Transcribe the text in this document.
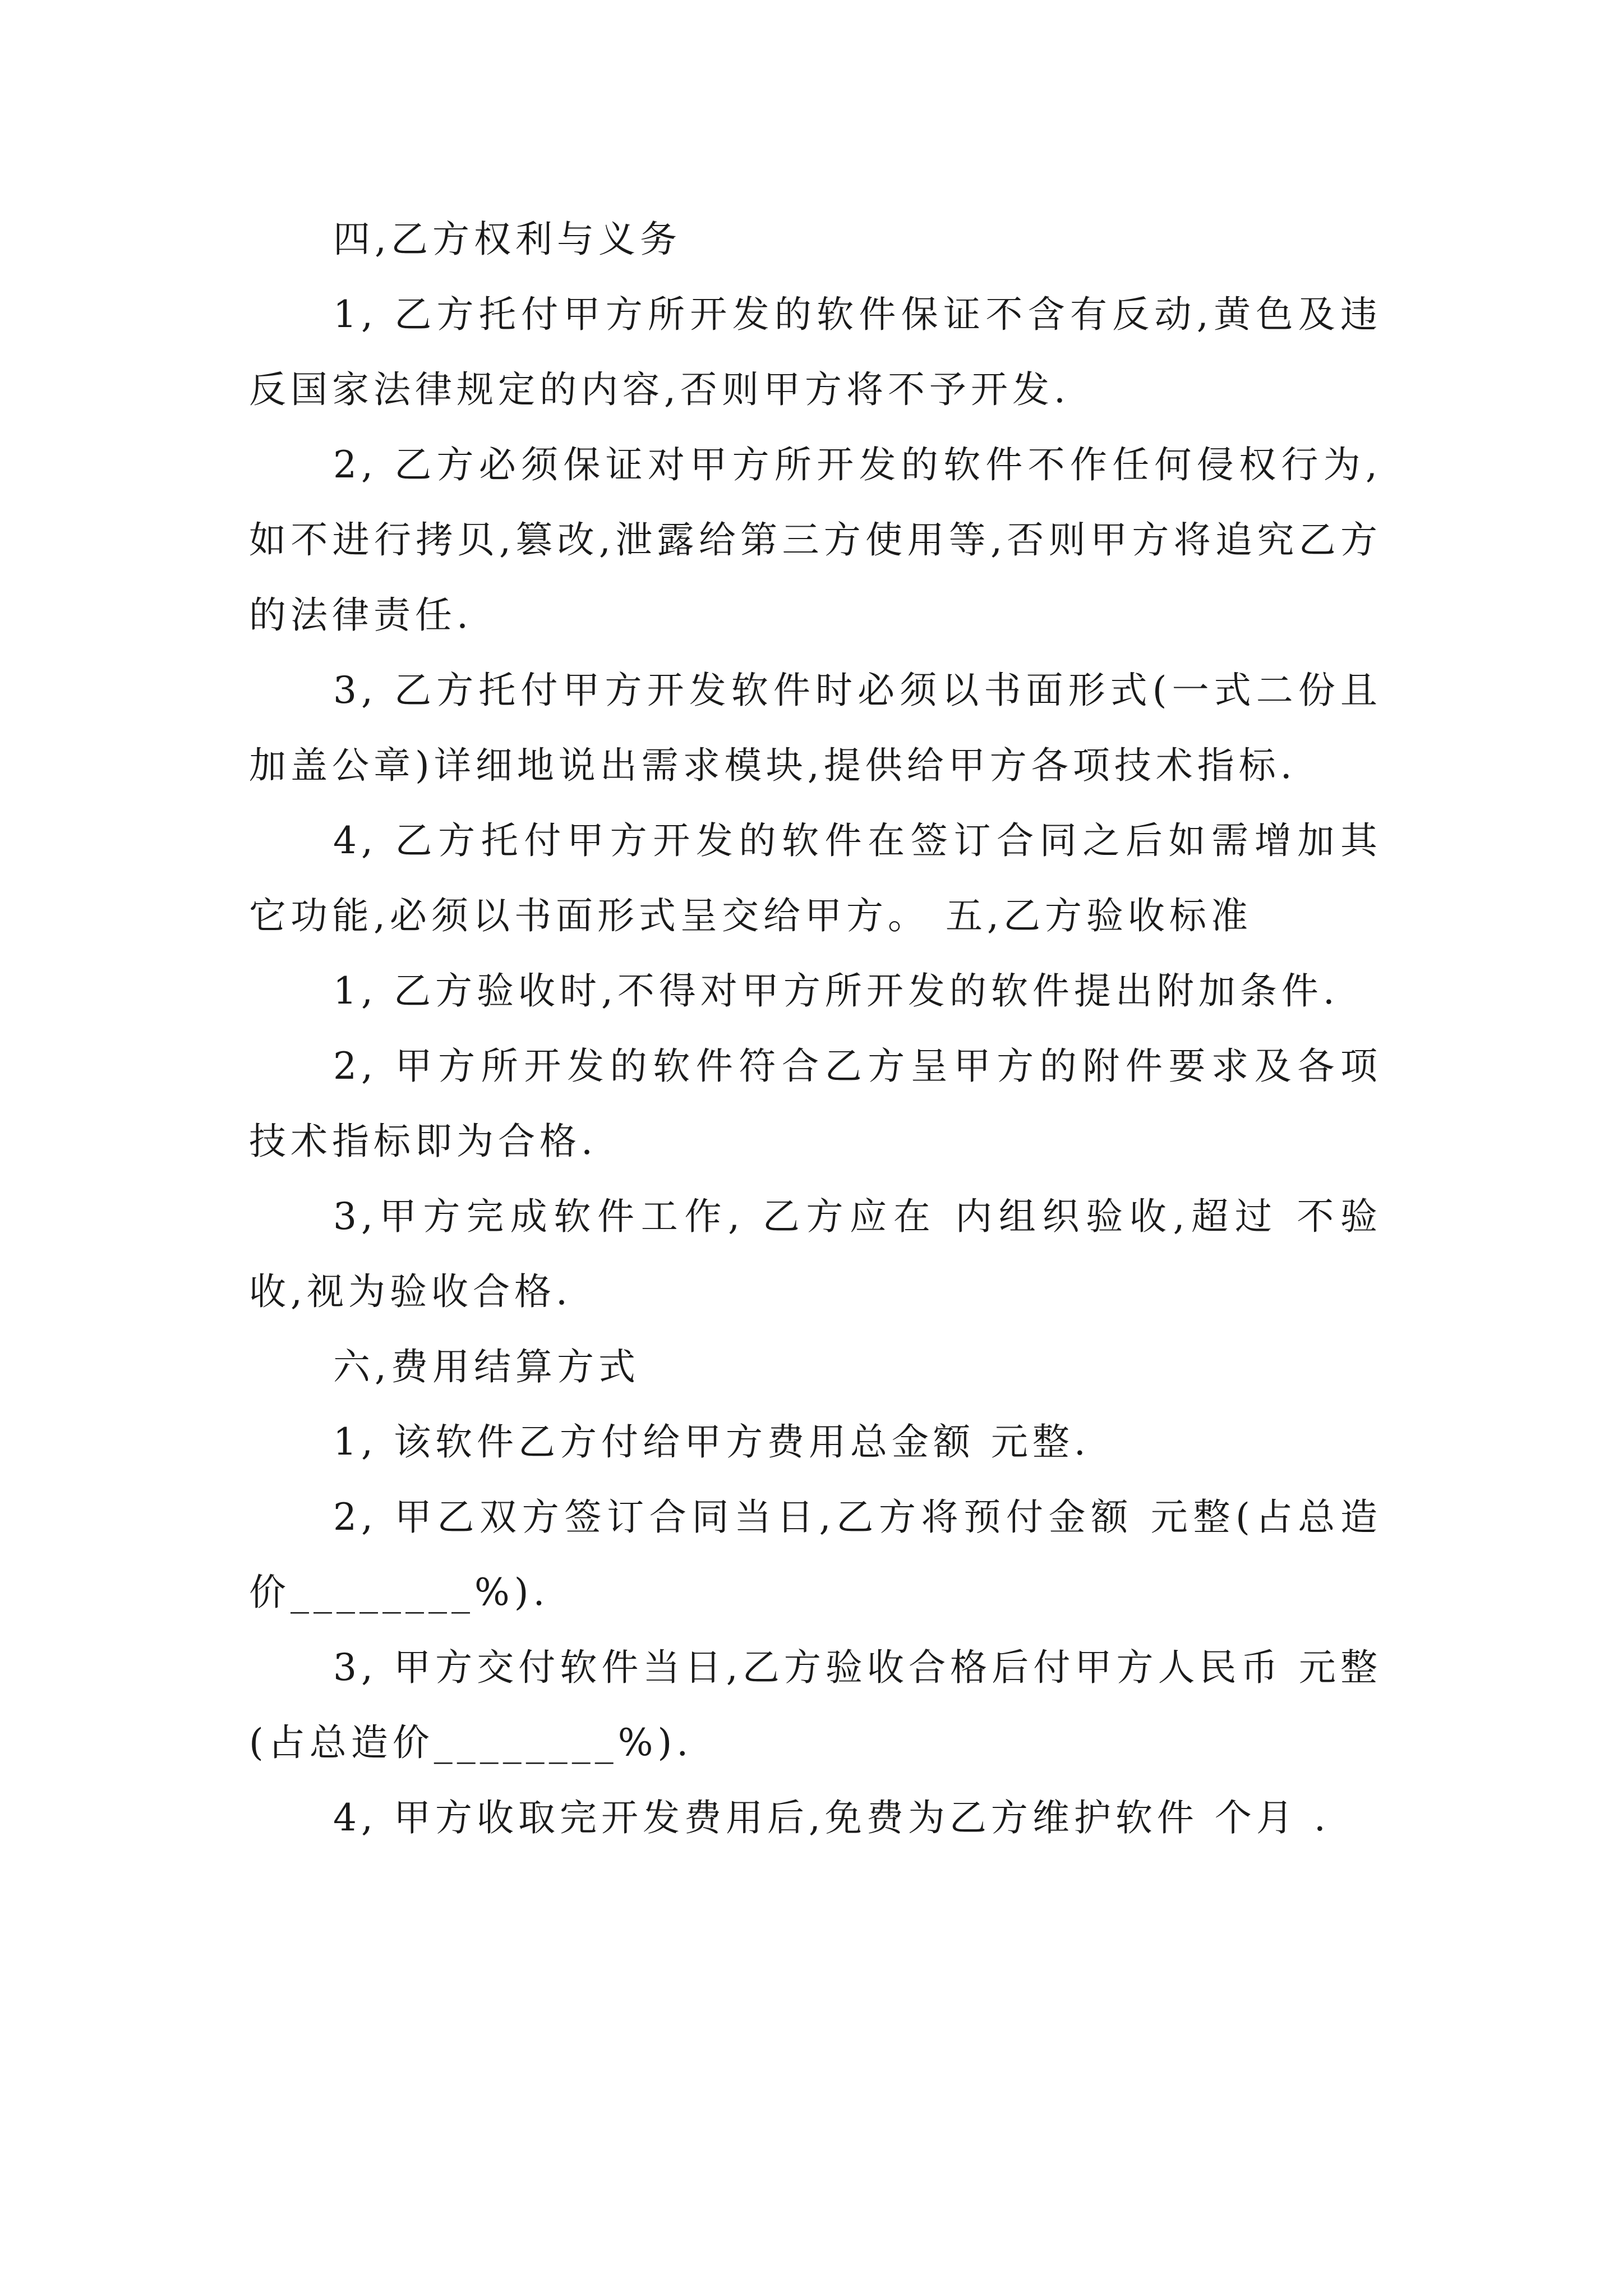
四,乙方权利与义务

1, 乙方托付甲方所开发的软件保证不含有反动,黄色及违反国家法律规定的内容,否则甲方将不予开发.

2, 乙方必须保证对甲方所开发的软件不作任何侵权行为,如不进行拷贝,篡改,泄露给第三方使用等,否则甲方将追究乙方的法律责任.

3, 乙方托付甲方开发软件时必须以书面形式(一式二份且加盖公章)详细地说出需求模块,提供给甲方各项技术指标.

4, 乙方托付甲方开发的软件在签订合同之后如需增加其它功能,必须以书面形式呈交给甲方。 五,乙方验收标准

1, 乙方验收时,不得对甲方所开发的软件提出附加条件.

2, 甲方所开发的软件符合乙方呈甲方的附件要求及各项技术指标即为合格.

3,甲方完成软件工作, 乙方应在 内组织验收,超过 不验收,视为验收合格.

六,费用结算方式

1, 该软件乙方付给甲方费用总金额 元整.

2, 甲乙双方签订合同当日,乙方将预付金额 元整(占总造价________%).

3, 甲方交付软件当日,乙方验收合格后付甲方人民币 元整(占总造价________%).

4, 甲方收取完开发费用后,免费为乙方维护软件 个月 .
